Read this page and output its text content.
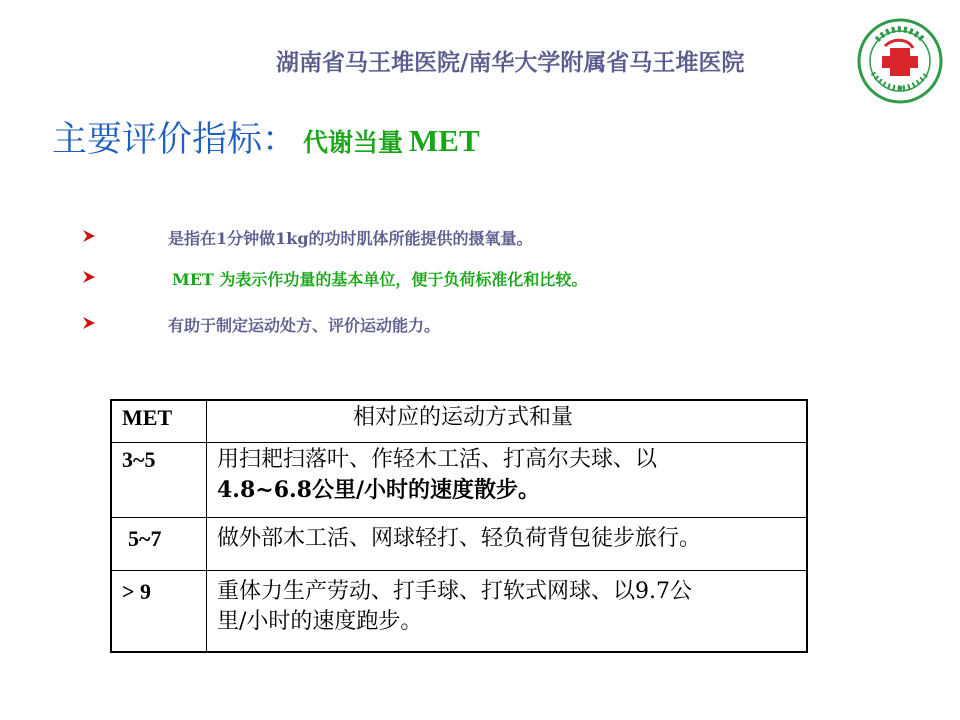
湖南省马王堆医院/南华大学附属省马王堆医院
主要评价指标： 代谢当量 MET
是指在1分钟做1kg的功时肌体所能提供的摄氧量。
MET 为表示作功量的基本单位，便于负荷标准化和比较。
有助于制定运动处方、评价运动能力。
MET	相对应的运动方式和量
3~5	用扫耙扫落叶、作轻木工活、打高尔夫球、以
4.8~6.8公里/小时的速度散步。

5~7	做外部木工活、网球轻打、轻负荷背包徒步旅行。

> 9	重体力生产劳动、打手球、打软式网球、以9.7公
里/小时的速度跑步。
